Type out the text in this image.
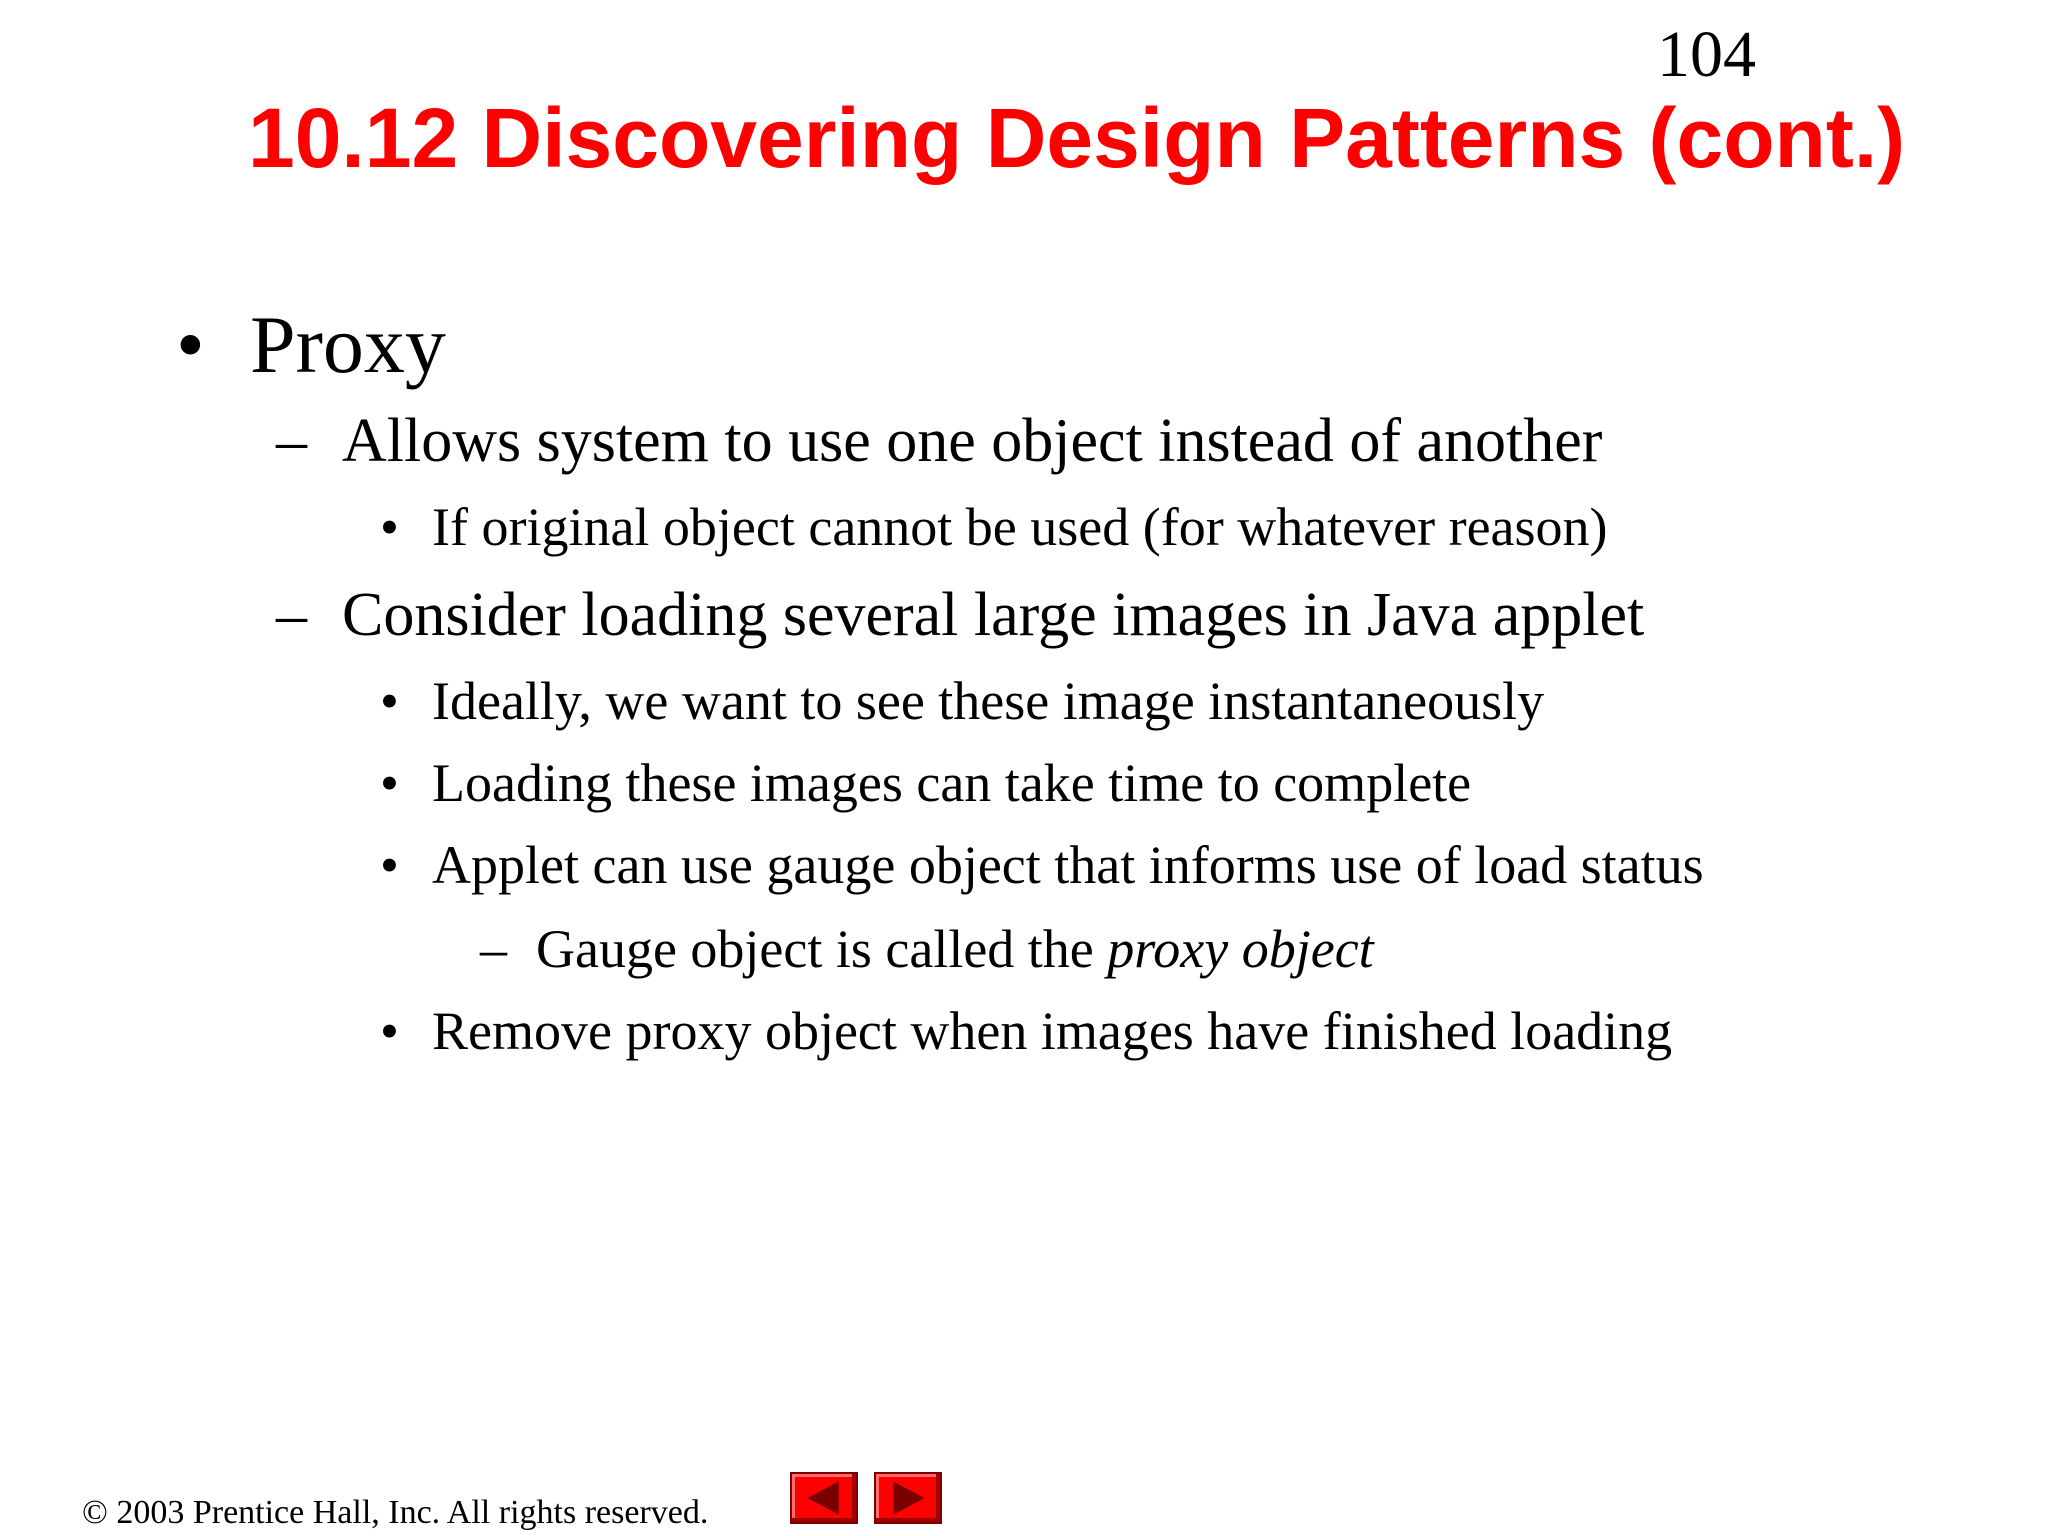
104
10.12 Discovering Design Patterns (cont.)
• Proxy
– Allows system to use one object instead of another
• If original object cannot be used (for whatever reason)
– Consider loading several large images in Java applet
• Ideally, we want to see these image instantaneously
• Loading these images can take time to complete
• Applet can use gauge object that informs use of load status
– Gauge object is called the proxy object
• Remove proxy object when images have finished loading
© 2003 Prentice Hall, Inc. All rights reserved.
